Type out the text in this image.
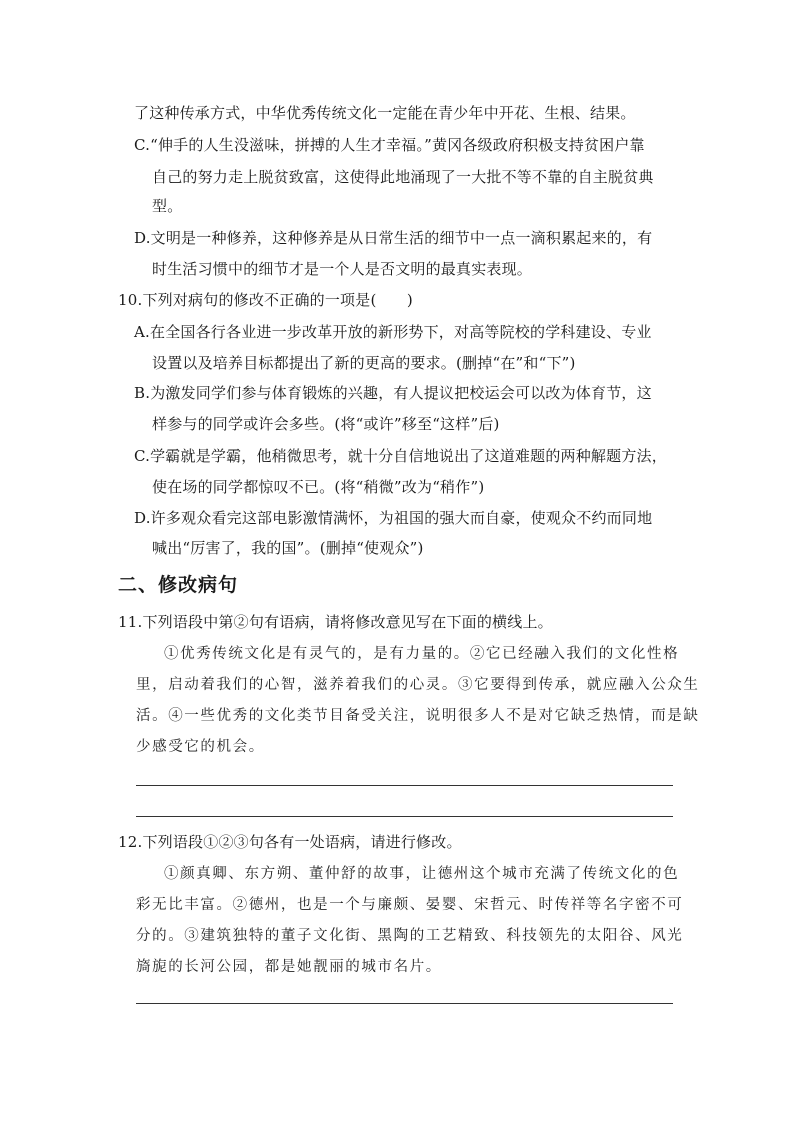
了这种传承方式，中华优秀传统文化一定能在青少年中开花、生根、结果。
C.“伸手的人生没滋味，拼搏的人生才幸福。”黄冈各级政府积极支持贫困户靠
自己的努力走上脱贫致富，这使得此地涌现了一大批不等不靠的自主脱贫典
型。
D.文明是一种修养，这种修养是从日常生活的细节中一点一滴积累起来的，有
时生活习惯中的细节才是一个人是否文明的最真实表现。
10.下列对病句的修改不正确的一项是(　　)
A.在全国各行各业进一步改革开放的新形势下，对高等院校的学科建设、专业
设置以及培养目标都提出了新的更高的要求。(删掉“在”和“下”)
B.为激发同学们参与体育锻炼的兴趣，有人提议把校运会可以改为体育节，这
样参与的同学或许会多些。(将“或许”移至“这样”后)
C.学霸就是学霸，他稍微思考，就十分自信地说出了这道难题的两种解题方法，
使在场的同学都惊叹不已。(将“稍微”改为“稍作”)
D.许多观众看完这部电影激情满怀，为祖国的强大而自豪，使观众不约而同地
喊出“厉害了，我的国”。(删掉“使观众”)
二、修改病句
11.下列语段中第②句有语病，请将修改意见写在下面的横线上。
①优秀传统文化是有灵气的，是有力量的。②它已经融入我们的文化性格
里，启动着我们的心智，滋养着我们的心灵。③它要得到传承，就应融入公众生
活。④一些优秀的文化类节目备受关注，说明很多人不是对它缺乏热情，而是缺
少感受它的机会。
12.下列语段①②③句各有一处语病，请进行修改。
①颜真卿、东方朔、董仲舒的故事，让德州这个城市充满了传统文化的色
彩无比丰富。②德州，也是一个与廉颇、晏婴、宋哲元、时传祥等名字密不可
分的。③建筑独特的董子文化街、黑陶的工艺精致、科技领先的太阳谷、风光
旖旎的长河公园，都是她靓丽的城市名片。
